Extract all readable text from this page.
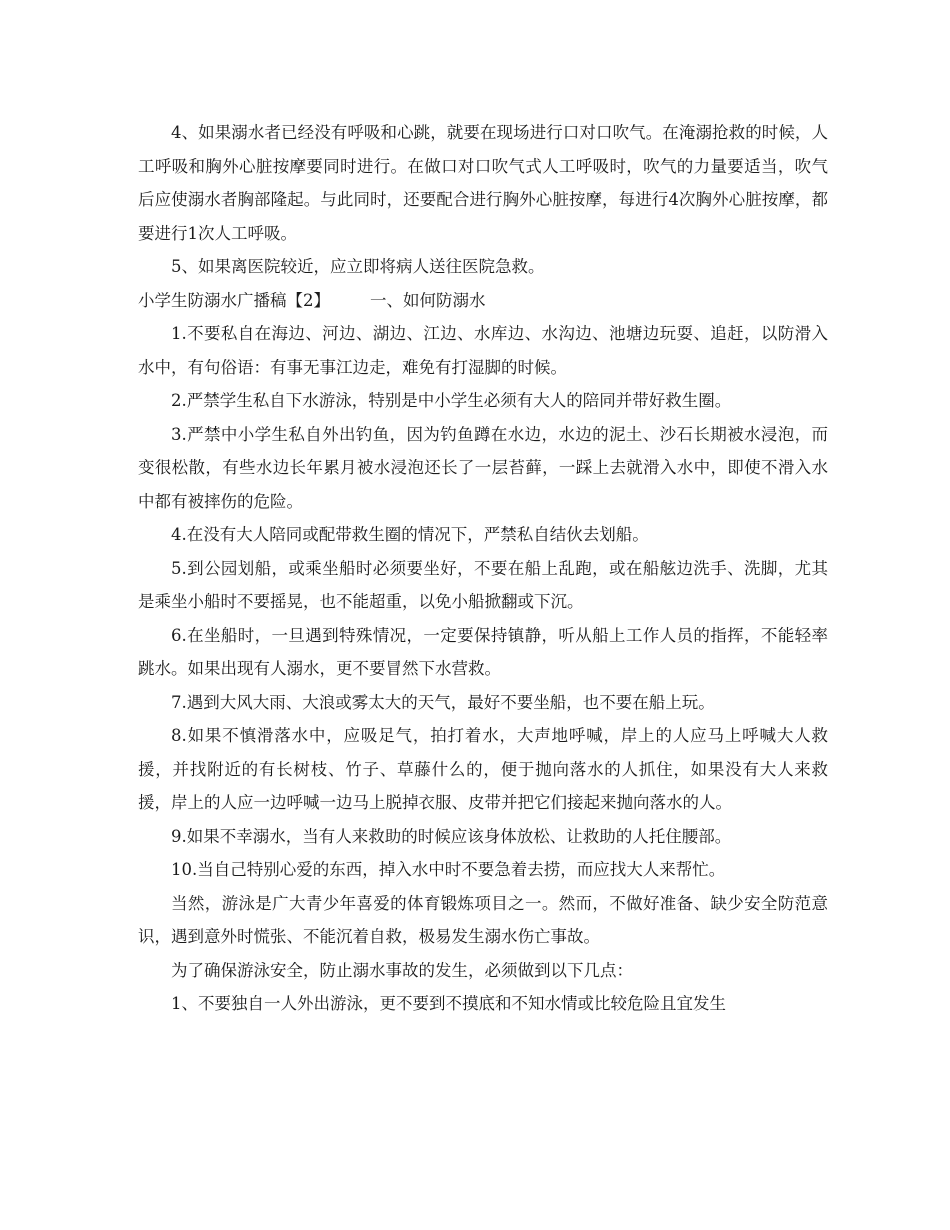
4、如果溺水者已经没有呼吸和心跳，就要在现场进行口对口吹气。在淹溺抢救的时候，人工呼吸和胸外心脏按摩要同时进行。在做口对口吹气式人工呼吸时，吹气的力量要适当，吹气后应使溺水者胸部隆起。与此同时，还要配合进行胸外心脏按摩，每进行4次胸外心脏按摩，都要进行1次人工呼吸。

5、如果离医院较近，应立即将病人送往医院急救。

小学生防溺水广播稿【2】 一、如何防溺水

1.不要私自在海边、河边、湖边、江边、水库边、水沟边、池塘边玩耍、追赶，以防滑入水中，有句俗语：有事无事江边走，难免有打湿脚的时候。

2.严禁学生私自下水游泳，特别是中小学生必须有大人的陪同并带好救生圈。

3.严禁中小学生私自外出钓鱼，因为钓鱼蹲在水边，水边的泥土、沙石长期被水浸泡，而变很松散，有些水边长年累月被水浸泡还长了一层苔藓，一踩上去就滑入水中，即使不滑入水中都有被摔伤的危险。

4.在没有大人陪同或配带救生圈的情况下，严禁私自结伙去划船。

5.到公园划船，或乘坐船时必须要坐好，不要在船上乱跑，或在船舷边洗手、洗脚，尤其是乘坐小船时不要摇晃，也不能超重，以免小船掀翻或下沉。

6.在坐船时，一旦遇到特殊情况，一定要保持镇静，听从船上工作人员的指挥，不能轻率跳水。如果出现有人溺水，更不要冒然下水营救。

7.遇到大风大雨、大浪或雾太大的天气，最好不要坐船，也不要在船上玩。

8.如果不慎滑落水中，应吸足气，拍打着水，大声地呼喊，岸上的人应马上呼喊大人救援，并找附近的有长树枝、竹子、草藤什么的，便于抛向落水的人抓住，如果没有大人来救援，岸上的人应一边呼喊一边马上脱掉衣服、皮带并把它们接起来抛向落水的人。

9.如果不幸溺水，当有人来救助的时候应该身体放松、让救助的人托住腰部。

10.当自己特别心爱的东西，掉入水中时不要急着去捞，而应找大人来帮忙。

当然，游泳是广大青少年喜爱的体育锻炼项目之一。然而，不做好准备、缺少安全防范意识，遇到意外时慌张、不能沉着自救，极易发生溺水伤亡事故。

为了确保游泳安全，防止溺水事故的发生，必须做到以下几点：

1、不要独自一人外出游泳，更不要到不摸底和不知水情或比较危险且宜发生
